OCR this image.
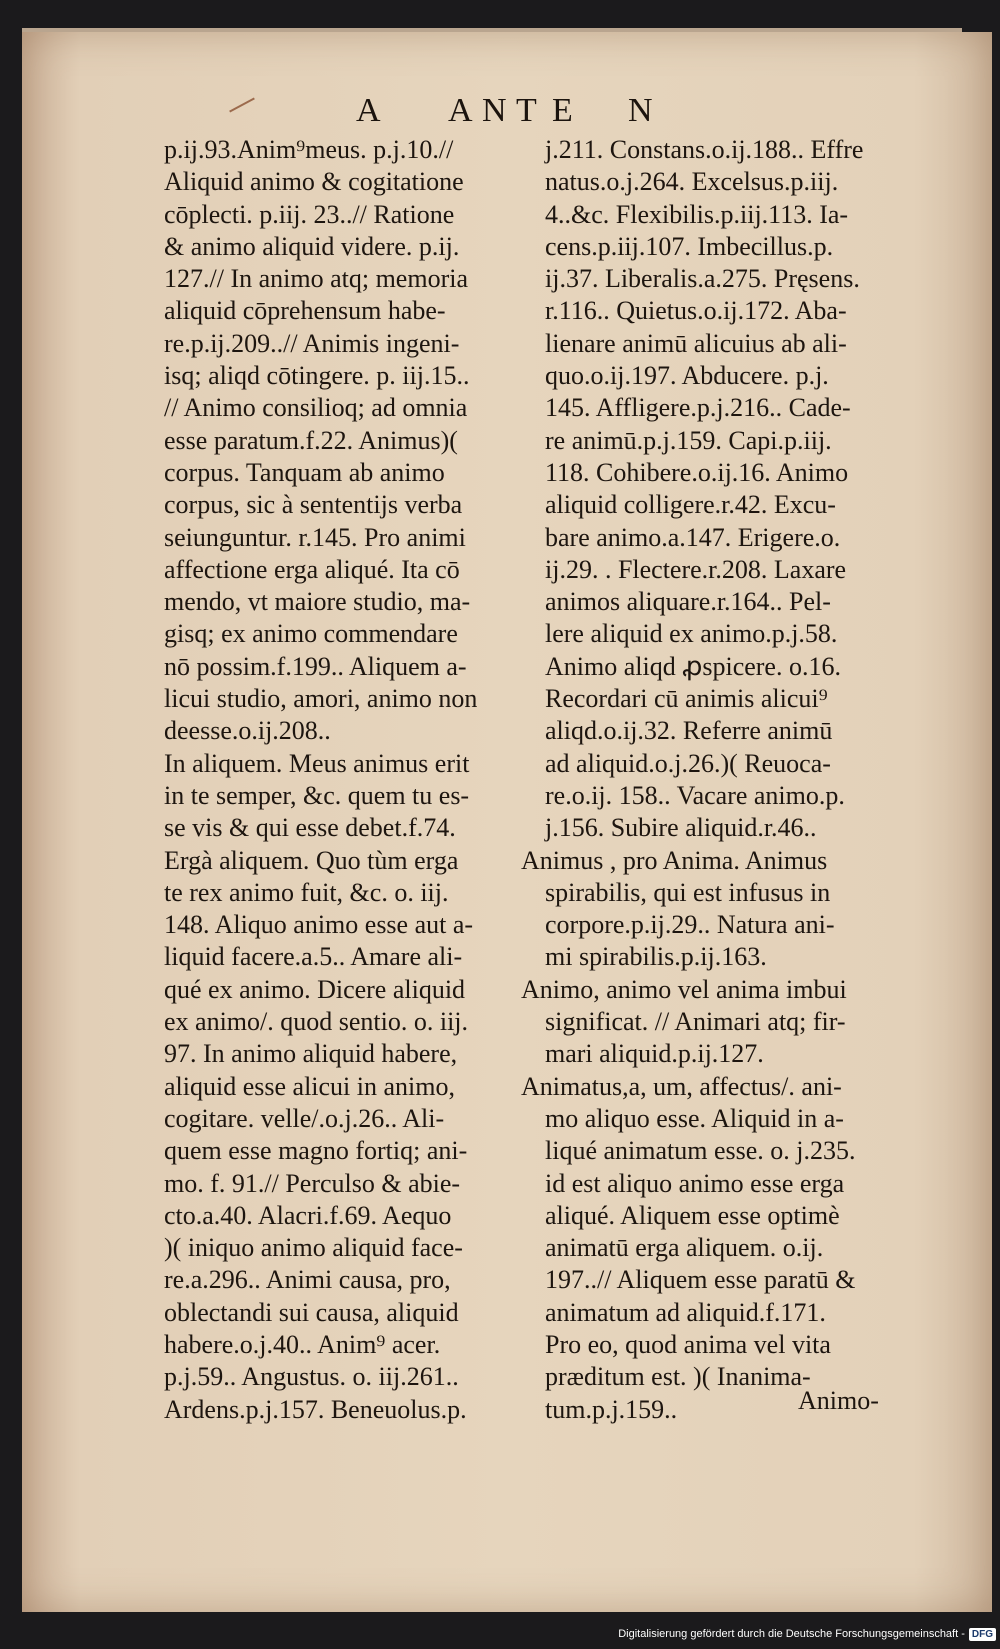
A A N T E N
p.ij.93.Anim⁹meus. p.j.10.//
Aliquid animo & cogitatione
cōplecti. p.iij. 23..// Ratione
& animo aliquid videre. p.ij.
127.// In animo atq; memoria
aliquid cōprehensum habe-
re.p.ij.209..// Animis ingeni-
isq; aliqd cōtingere. p. iij.15..
// Animo consilioq; ad omnia
esse paratum.f.22. Animus)(
corpus. Tanquam ab animo
corpus, sic à sententijs verba
seiunguntur. r.145. Pro animi
affectione erga aliqué. Ita cō
mendo, vt maiore studio, ma-
gisq; ex animo commendare
nō possim.f.199.. Aliquem a-
licui studio, amori, animo non
deesse.o.ij.208..
In aliquem. Meus animus erit
in te semper, &c. quem tu es-
se vis & qui esse debet.f.74.
Ergà aliquem. Quo tùm erga
te rex animo fuit, &c. o. iij.
148. Aliquo animo esse aut a-
liquid facere.a.5.. Amare ali-
qué ex animo. Dicere aliquid
ex animo/. quod sentio. o. iij.
97. In animo aliquid habere,
aliquid esse alicui in animo,
cogitare. velle/.o.j.26.. Ali-
quem esse magno fortiq; ani-
mo. f. 91.// Perculso & abie-
cto.a.40. Alacri.f.69. Aequo
)( iniquo animo aliquid face-
re.a.296.. Animi causa, pro,
oblectandi sui causa, aliquid
habere.o.j.40.. Anim⁹ acer.
p.j.59.. Angustus. o. iij.261..
Ardens.p.j.157. Beneuolus.p.
j.211. Constans.o.ij.188.. Effre
natus.o.j.264. Excelsus.p.iij.
4..&c. Flexibilis.p.iij.113. Ia-
cens.p.iij.107. Imbecillus.p.
ij.37. Liberalis.a.275. Pręsens.
r.116.. Quietus.o.ij.172. Aba-
lienare animū alicuius ab ali-
quo.o.ij.197. Abducere. p.j.
145. Affligere.p.j.216.. Cade-
re animū.p.j.159. Capi.p.iij.
118. Cohibere.o.ij.16. Animo
aliquid colligere.r.42. Excu-
bare animo.a.147. Erigere.o.
ij.29. . Flectere.r.208. Laxare
animos aliquare.r.164.. Pel-
lere aliquid ex animo.p.j.58.
Animo aliqd ꝓspicere. o.16.
Recordari cū animis alicui⁹
aliqd.o.ij.32. Referre animū
ad aliquid.o.j.26.)( Reuoca-
re.o.ij. 158.. Vacare animo.p.
j.156. Subire aliquid.r.46..
Animus , pro Anima. Animus
spirabilis, qui est infusus in
corpore.p.ij.29.. Natura ani-
mi spirabilis.p.ij.163.
Animo, animo vel anima imbui
significat. // Animari atq; fir-
mari aliquid.p.ij.127.
Animatus,a, um, affectus/. ani-
mo aliquo esse. Aliquid in a-
liqué animatum esse. o. j.235.
id est aliquo animo esse erga
aliqué. Aliquem esse optimè
animatū erga aliquem. o.ij.
197..// Aliquem esse paratū &
animatum ad aliquid.f.171.
Pro eo, quod anima vel vita
præditum est. )( Inanima-
tum.p.j.159..	Animo-
Digitalisierung gefördert durch die Deutsche Forschungsgemeinschaft - DFG
